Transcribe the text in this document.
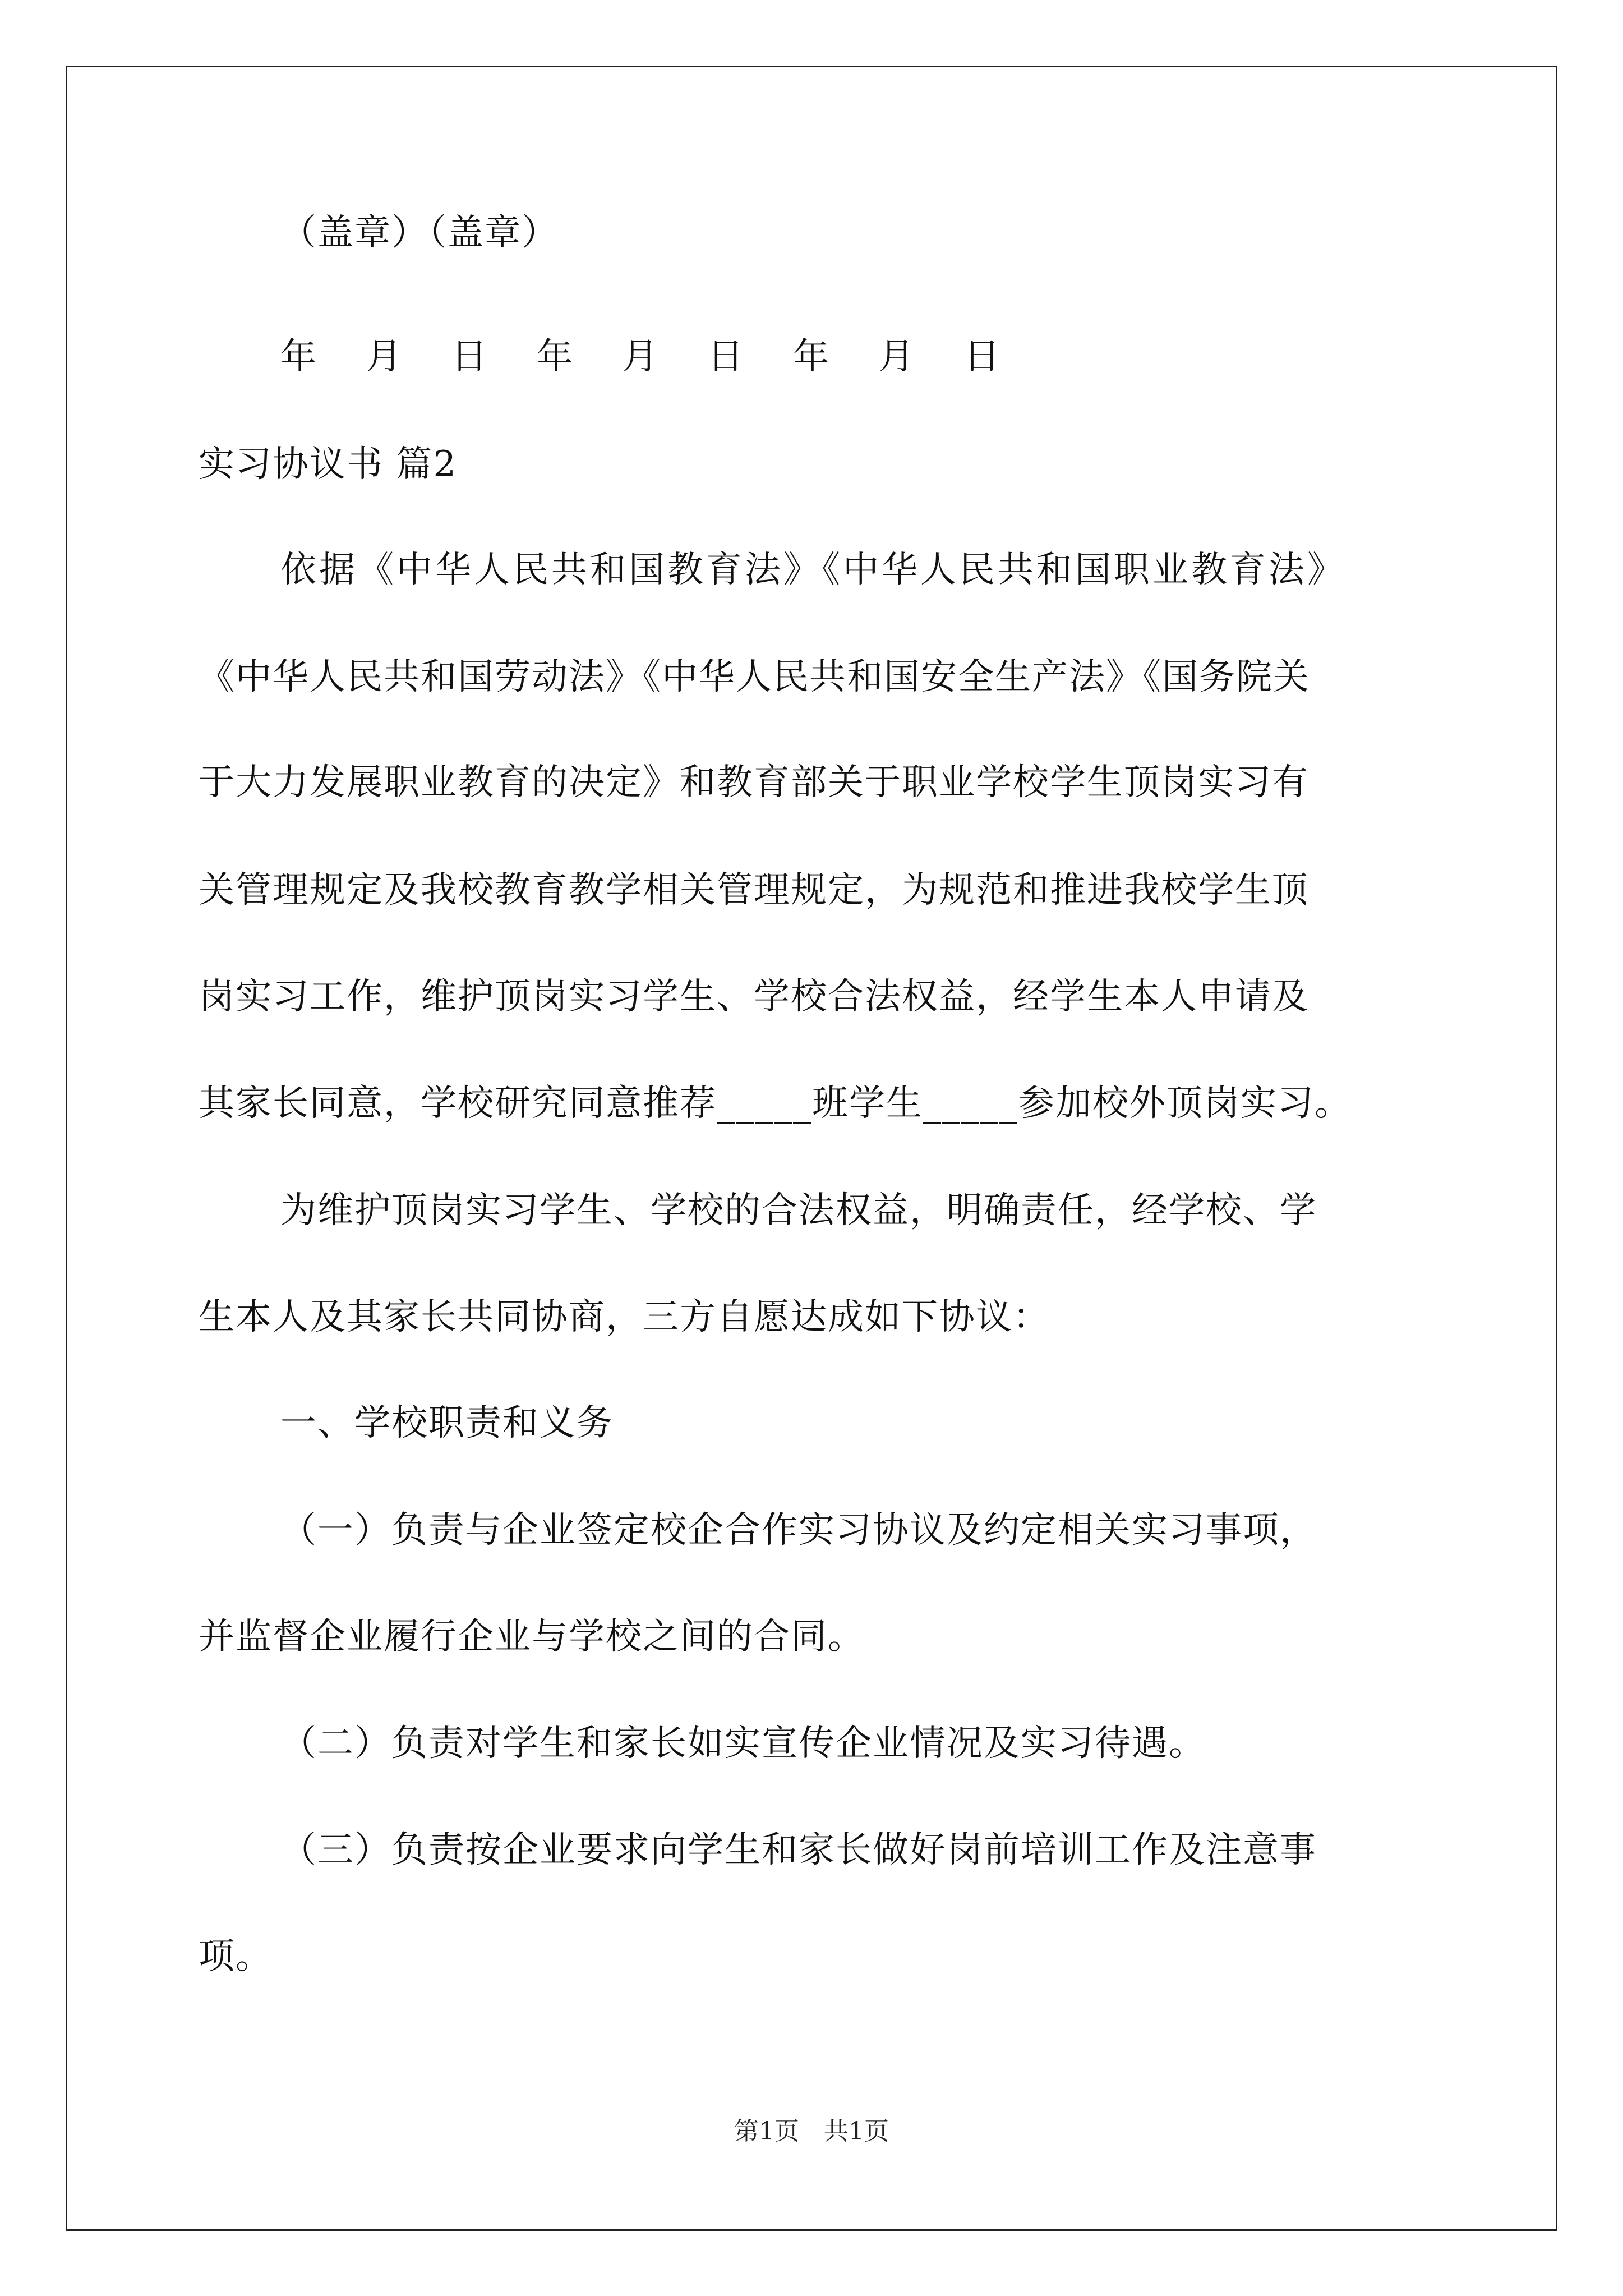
（盖章）（盖章）
年 月 日 年 月 日 年 月 日
实习协议书 篇2
依据《中华人民共和国教育法》《中华人民共和国职业教育法》
《中华人民共和国劳动法》《中华人民共和国安全生产法》《国务院关
于大力发展职业教育的决定》和教育部关于职业学校学生顶岗实习有
关管理规定及我校教育教学相关管理规定，为规范和推进我校学生顶
岗实习工作，维护顶岗实习学生、学校合法权益，经学生本人申请及
其家长同意，学校研究同意推荐_____班学生_____参加校外顶岗实习。
为维护顶岗实习学生、学校的合法权益，明确责任，经学校、学
生本人及其家长共同协商，三方自愿达成如下协议：
一、学校职责和义务
（一）负责与企业签定校企合作实习协议及约定相关实习事项，
并监督企业履行企业与学校之间的合同。
（二）负责对学生和家长如实宣传企业情况及实习待遇。
（三）负责按企业要求向学生和家长做好岗前培训工作及注意事
项。
第1页　共1页
